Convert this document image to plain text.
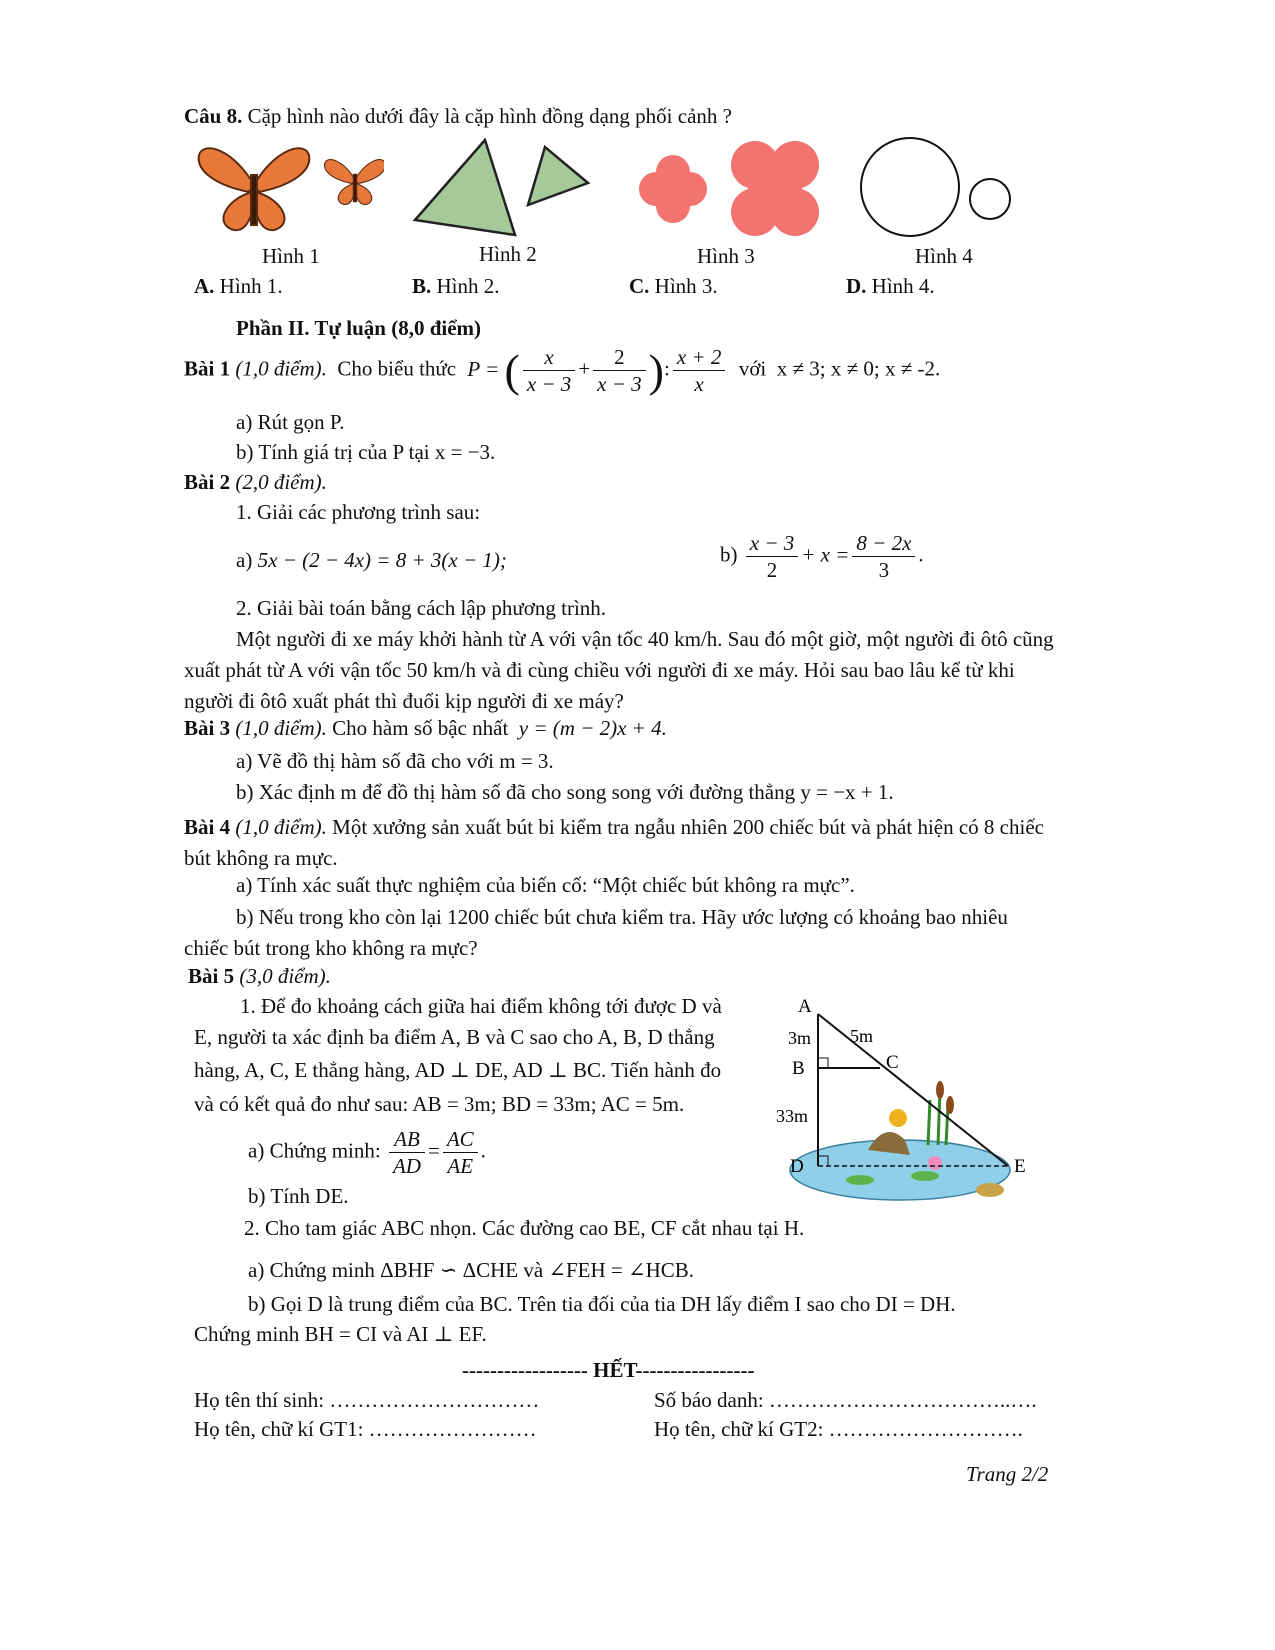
Câu 8. Cặp hình nào dưới đây là cặp hình đồng dạng phối cảnh ?
Hình 1	Hình 2	Hình 3	Hình 4
A. Hình 1.	B. Hình 2.	C. Hình 3.	D. Hình 4.
Phần II. Tự luận (8,0 điểm)
Bài 1 (1,0 điểm). Cho biểu thức P = ( $\frac{x}{x - 3} + \frac{2}{x - 3}$ ): $\frac{x + 2}{x}$ với x ≠ 3; x ≠ 0; x ≠ -2.
a) Rút gọn P.
b) Tính giá trị của P tại x = −3.
Bài 2 (2,0 điểm).
1. Giải các phương trình sau:
a) 5x − (2 − 4x) = 8 + 3(x − 1);	$b) \frac{x - 3}{2} + x = \frac{8 - 2x}{3}$ .
2. Giải bài toán bằng cách lập phương trình.
Một người đi xe máy khởi hành từ A với vận tốc 40 km/h. Sau đó một giờ, một người đi ôtô cũng xuất phát từ A với vận tốc 50 km/h và đi cùng chiều với người đi xe máy. Hỏi sau bao lâu kể từ khi người đi ôtô xuất phát thì đuổi kịp người đi xe máy?
Bài 3 (1,0 điểm). Cho hàm số bậc nhất y = (m − 2)x + 4.
a) Vẽ đồ thị hàm số đã cho với m = 3.
b) Xác định m để đồ thị hàm số đã cho song song với đường thẳng y = −x + 1.
Bài 4 (1,0 điểm). Một xưởng sản xuất bút bi kiểm tra ngẫu nhiên 200 chiếc bút và phát hiện có 8 chiếc bút không ra mực.
a) Tính xác suất thực nghiệm của biến cố: “Một chiếc bút không ra mực”.
b) Nếu trong kho còn lại 1200 chiếc bút chưa kiểm tra. Hãy ước lượng có khoảng bao nhiêu chiếc bút trong kho không ra mực?
Bài 5 (3,0 điểm).
1. Để đo khoảng cách giữa hai điểm không tới được D và
E, người ta xác định ba điểm A, B và C sao cho A, B, D thẳng
hàng, A, C, E thẳng hàng, AD ⊥ DE, AD ⊥ BC. Tiến hành đo
và có kết quả đo như sau: AB = 3m; BD = 33m; AC = 5m.
a) Chứng minh: $\frac{AB}{AD} = \frac{AC}{AE}$ .
b) Tính DE.
2. Cho tam giác ABC nhọn. Các đường cao BE, CF cắt nhau tại H.
a) Chứng minh ΔBHF ∽ ΔCHE và ∠FEH = ∠HCB.
b) Gọi D là trung điểm của BC. Trên tia đối của tia DH lấy điểm I sao cho DI = DH.
Chứng minh BH = CI và AI ⊥ EF.
A
B	C
D	E
3m 5m
33m
------------------ HẾT-----------------
Họ tên thí sinh: …………………………	Số báo danh: ……………………………..….
Họ tên, chữ kí GT1: ……………………	Họ tên, chữ kí GT2: ……………………….
Trang 2/2
